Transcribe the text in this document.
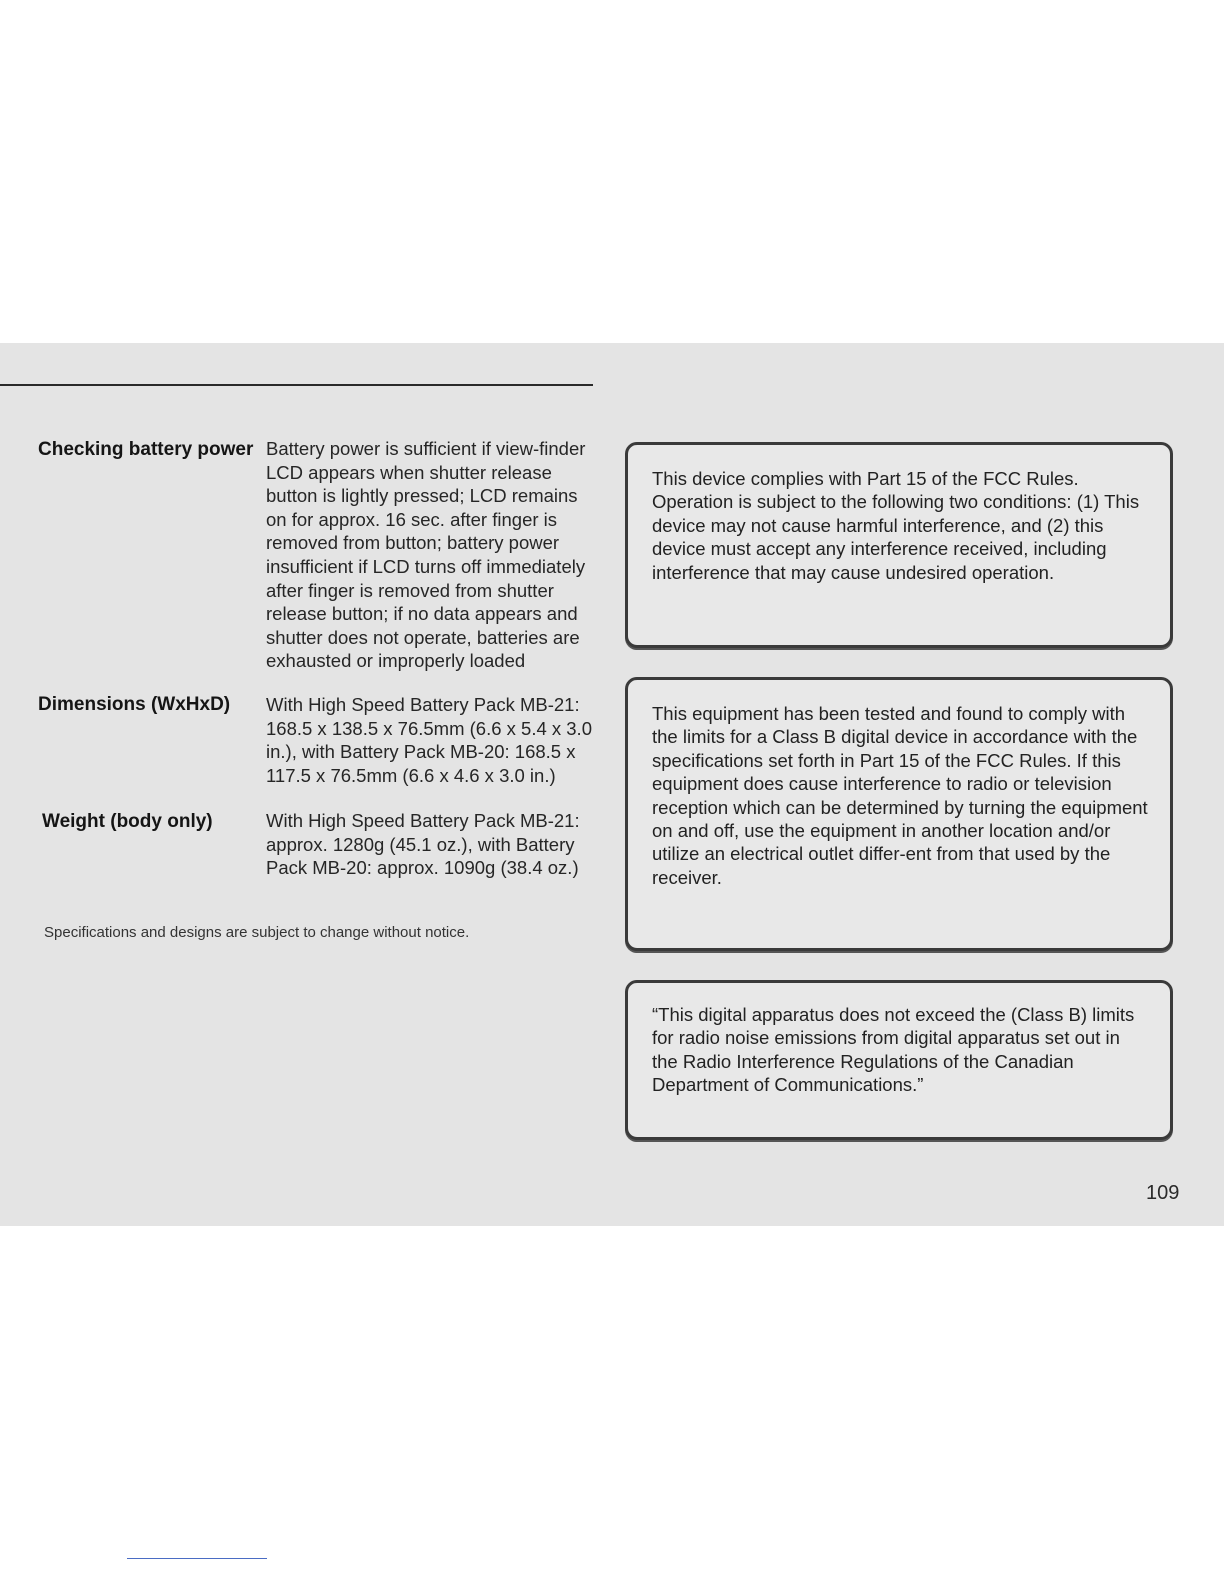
Checking battery power Battery power is sufficient if view-finder LCD appears when shutter release button is lightly pressed; LCD remains on for approx. 16 sec. after finger is removed from button; battery power insufficient if LCD turns off immediately after finger is removed from shutter release button; if no data appears and shutter does not operate, batteries are exhausted or improperly loaded
Dimensions (WxHxD)	With High Speed Battery Pack MB-21: 168.5 x 138.5 x 76.5mm (6.6 x 5.4 x 3.0 in.), with Battery Pack MB-20: 168.5 x 117.5 x 76.5mm (6.6 x 4.6 x 3.0 in.)
Weight (body only)	With High Speed Battery Pack MB-21: approx. 1280g (45.1 oz.), with Battery Pack MB-20: approx. 1090g (38.4 oz.)
Specifications and designs are subject to change without notice.
This device complies with Part 15 of the FCC Rules. Operation is subject to the following two conditions: (1) This device may not cause harmful interference, and (2) this device must accept any interference received, including interference that may cause undesired operation.
This equipment has been tested and found to comply with the limits for a Class B digital device in accordance with the specifications set forth in Part 15 of the FCC Rules. If this equipment does cause interference to radio or television reception which can be determined by turning the equipment on and off, use the equipment in another location and/or utilize an electrical outlet differ-ent from that used by the receiver.
“This digital apparatus does not exceed the (Class B) limits for radio noise emissions from digital apparatus set out in the Radio Interference Regulations of the Canadian Department of Communications.”
109
